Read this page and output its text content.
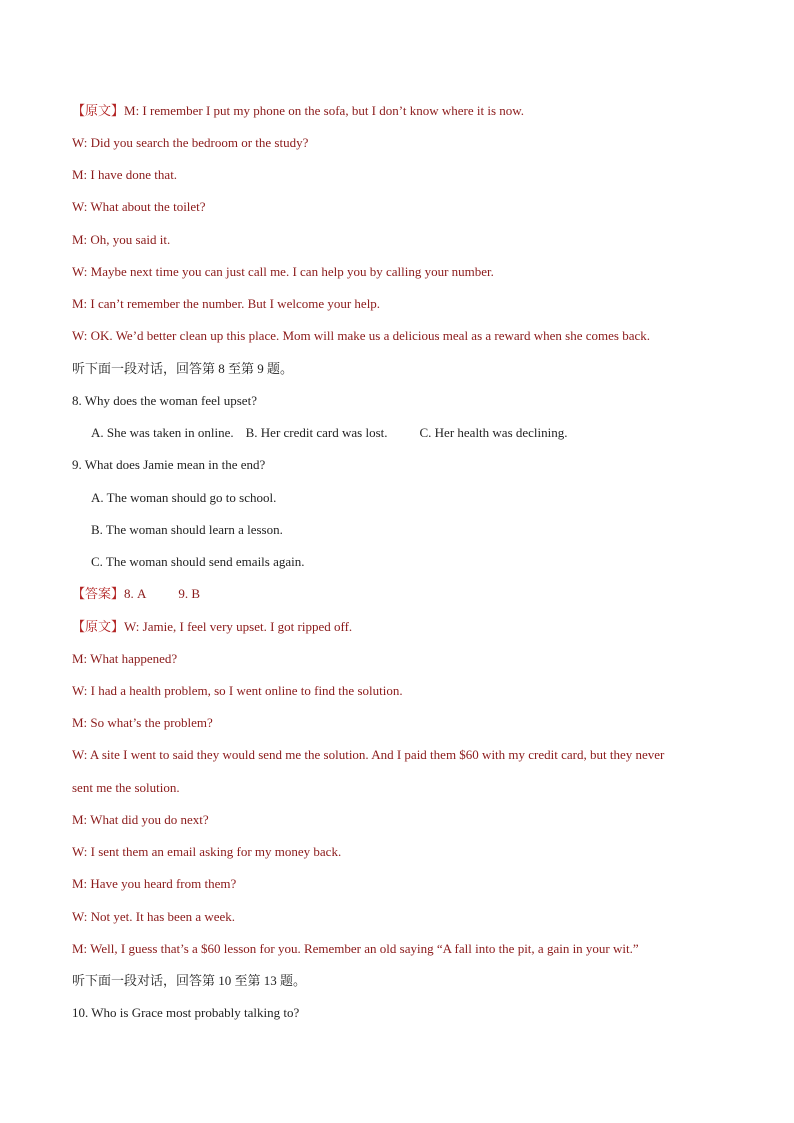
【原文】M: I remember I put my phone on the sofa, but I don’t know where it is now.
W: Did you search the bedroom or the study?
M: I have done that.
W: What about the toilet?
M: Oh, you said it.
W: Maybe next time you can just call me. I can help you by calling your number.
M: I can’t remember the number. But I welcome your help.
W: OK. We’d better clean up this place. Mom will make us a delicious meal as a reward when she comes back.
听下面一段对话，回答第 8 至第 9 题。
8. Why does the woman feel upset?
A. She was taken in online. B. Her credit card was lost. C. Her health was declining.
9. What does Jamie mean in the end?
A. The woman should go to school.
B. The woman should learn a lesson.
C. The woman should send emails again.
【答案】8. A 9. B
【原文】W: Jamie, I feel very upset. I got ripped off.
M: What happened?
W: I had a health problem, so I went online to find the solution.
M: So what’s the problem?
W: A site I went to said they would send me the solution. And I paid them $60 with my credit card, but they never
sent me the solution.
M: What did you do next?
W: I sent them an email asking for my money back.
M: Have you heard from them?
W: Not yet. It has been a week.
M: Well, I guess that’s a $60 lesson for you. Remember an old saying “A fall into the pit, a gain in your wit.”
听下面一段对话，回答第 10 至第 13 题。
10. Who is Grace most probably talking to?
